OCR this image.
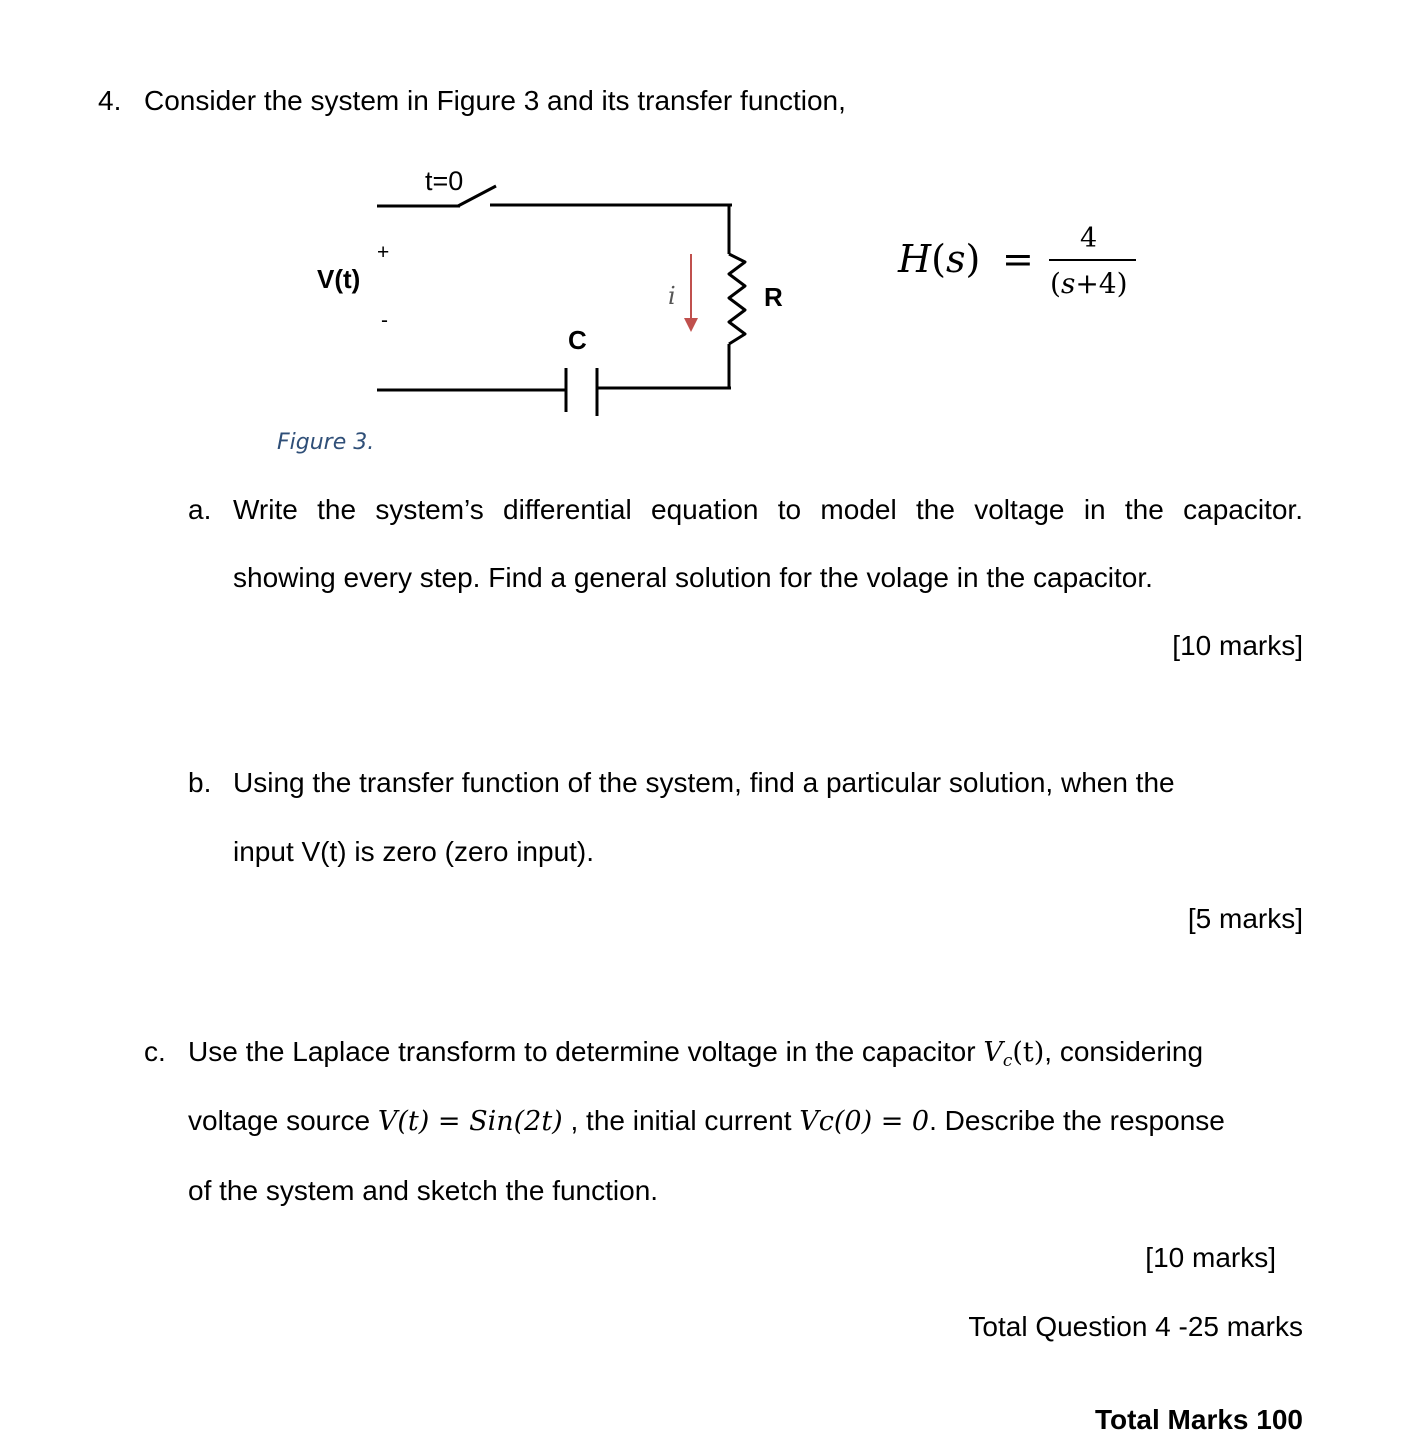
4. Consider the system in Figure 3 and its transfer function,
t=0
V(t)
+
-
C
R
i
H(s) = 4
(s+4)
Figure 3.
a. Write the system’s differential equation to model the voltage in the capacitor.
showing every step. Find a general solution for the volage in the capacitor.
[10 marks]
b. Using the transfer function of the system, find a particular solution, when the
input V(t) is zero (zero input).
[5 marks]
c. Use the Laplace transform to determine voltage in the capacitor $V_c(t)$, considering
voltage source V(t) = Sin(2t) , the initial current Vc(0) = 0. Describe the response
of the system and sketch the function.
[10 marks]
Total Question 4 -25 marks
Total Marks 100
